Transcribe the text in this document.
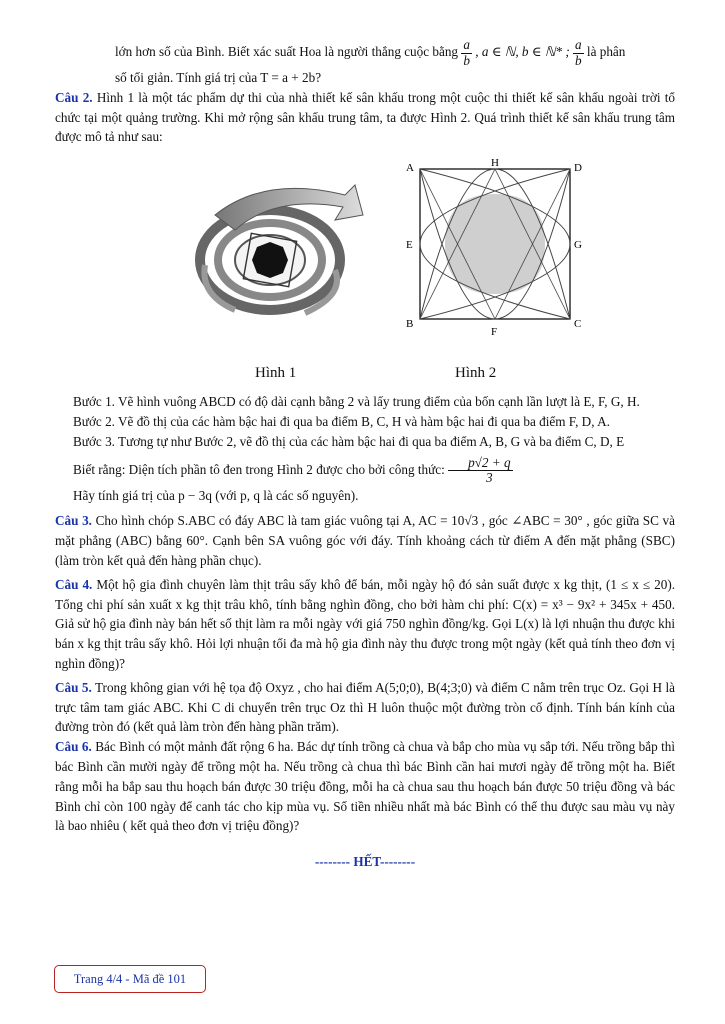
lớn hơn số của Bình. Biết xác suất Hoa là người thắng cuộc bằng $\frac{a}{b}$ , a ∈ ℕ, b ∈ ℕ* ; $\frac{a}{b}$ là phân

số tối giản. Tính giá trị của T = a + 2b?

Câu 2. Hình 1 là một tác phẩm dự thi của nhà thiết kế sân khấu trong một cuộc thi thiết kế sân khấu ngoài trời tổ chức tại một quảng trường. Khi mở rộng sân khấu trung tâm, ta được Hình 2. Quá trình thiết kế sân khấu trung tâm được mô tả như sau:

A
B	C
D
E
F
G
H
Hình 1	Hình 2

Bước 1. Vẽ hình vuông ABCD có độ dài cạnh bằng 2 và lấy trung điểm của bốn cạnh lần lượt là E, F, G, H.

Bước 2. Vẽ đồ thị của các hàm bậc hai đi qua ba điểm B, C, H và hàm bậc hai đi qua ba điểm F, D, A.

Bước 3. Tương tự như Bước 2, vẽ đồ thị của các hàm bậc hai đi qua ba điểm A, B, G và ba điểm C, D, E

Biết rằng: Diện tích phần tô đen trong Hình 2 được cho bởi công thức: $\frac{p√2 + q}{3}$

Hãy tính giá trị của p − 3q (với p, q là các số nguyên).

Câu 3. Cho hình chóp S.ABC có đáy ABC là tam giác vuông tại A, AC = 10√3 , góc ∠ABC = 30° , góc giữa SC và mặt phẳng (ABC) bằng 60°. Cạnh bên SA vuông góc với đáy. Tính khoảng cách từ điểm A đến mặt phẳng (SBC) (làm tròn kết quả đến hàng phần chục).

Câu 4. Một hộ gia đình chuyên làm thịt trâu sấy khô để bán, mỗi ngày hộ đó sản suất được x kg thịt, (1 ≤ x ≤ 20). Tổng chi phí sản xuất x kg thịt trâu khô, tính bằng nghìn đồng, cho bởi hàm chi phí: C(x) = x³ − 9x² + 345x + 450. Giả sử hộ gia đình này bán hết số thịt làm ra mỗi ngày với giá 750 nghìn đồng/kg. Gọi L(x) là lợi nhuận thu được khi bán x kg thịt trâu sấy khô. Hỏi lợi nhuận tối đa mà hộ gia đình này thu được trong một ngày (kết quả tính theo đơn vị nghìn đồng)?

Câu 5. Trong không gian với hệ tọa độ Oxyz , cho hai điểm A(5;0;0), B(4;3;0) và điểm C nằm trên trục Oz. Gọi H là trực tâm tam giác ABC. Khi C di chuyển trên trục Oz thì H luôn thuộc một đường tròn cố định. Tính bán kính của đường tròn đó (kết quả làm tròn đến hàng phần trăm).

Câu 6. Bác Bình có một mảnh đất rộng 6 ha. Bác dự tính trồng cà chua và bắp cho mùa vụ sắp tới. Nếu trồng bắp thì bác Bình cần mười ngày để trồng một ha. Nếu trồng cà chua thì bác Bình cần hai mươi ngày để trồng một ha. Biết rằng mỗi ha bắp sau thu hoạch bán được 30 triệu đồng, mỗi ha cà chua sau thu hoạch bán được 50 triệu đồng và bác Bình chỉ còn 100 ngày để canh tác cho kịp mùa vụ. Số tiền nhiều nhất mà bác Bình có thể thu được sau màu vụ này là bao nhiêu ( kết quả theo đơn vị triệu đồng)?

-------- HẾT--------
Trang 4/4 - Mã đề 101
